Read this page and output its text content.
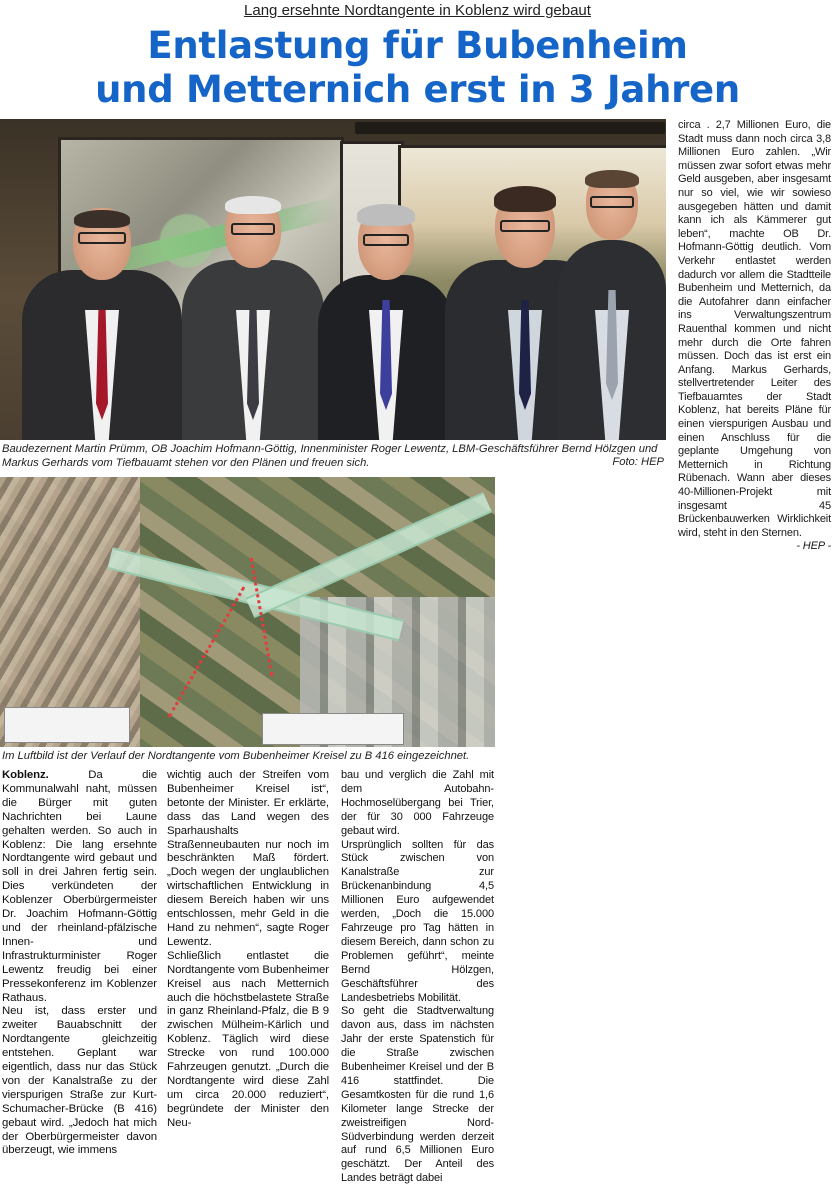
Lang ersehnte Nordtangente in Koblenz wird gebaut
Entlastung für Bubenheim
und Metternich erst in 3 Jahren
Baudezernent Martin Prümm, OB Joachim Hofmann-Göttig, Innenminister Roger Lewentz, LBM-Geschäftsführer Bernd Hölzgen und Markus Gerhards vom Tiefbauamt stehen vor den Plänen und freuen sich.	Foto: HEP

circa . 2,7 Millionen Euro, die Stadt muss dann noch circa 3,8 Millionen Euro zahlen. „Wir müssen zwar sofort etwas mehr Geld ausgeben, aber insgesamt nur so viel, wie wir sowieso ausgegeben hätten und damit kann ich als Kämmerer gut leben“, machte OB Dr. Hofmann-Göttig deutlich. Vom Verkehr entlastet werden dadurch vor allem die Stadtteile Bubenheim und Metternich, da die Autofahrer dann einfacher ins Verwaltungszentrum Rauenthal kommen und nicht mehr durch die Orte fahren müssen. Doch das ist erst ein Anfang. Markus Gerhards, stellvertretender Leiter des Tiefbauamtes der Stadt Koblenz, hat bereits Pläne für einen vierspurigen Ausbau und einen Anschluss für die geplante Umgehung von Metternich in Richtung Rübenach. Wann aber dieses 40-Millionen-Projekt mit insgesamt 45 Brückenbauwerken Wirklichkeit wird, steht in den Sternen.

- HEP -
Im Luftbild ist der Verlauf der Nordtangente vom Bubenheimer Kreisel zu B 416 eingezeichnet.

Koblenz. Da die Kommunalwahl naht, müssen die Bürger mit guten Nachrichten bei Laune gehalten werden. So auch in Koblenz: Die lang ersehnte Nordtangente wird gebaut und soll in drei Jahren fertig sein. Dies verkündeten der Koblenzer Oberbürgermeister Dr. Joachim Hofmann-Göttig und der rheinland-pfälzische Innen- und Infrastrukturminister Roger Lewentz freudig bei einer Pressekonferenz im Koblenzer Rathaus.

Neu ist, dass erster und zweiter Bauabschnitt der Nordtangente gleichzeitig entstehen. Geplant war eigentlich, dass nur das Stück von der Kanalstraße zu der vierspurigen Straße zur Kurt-Schumacher-Brücke (B 416) gebaut wird. „Jedoch hat mich der Oberbürgermeister davon überzeugt, wie immens

wichtig auch der Streifen vom Bubenheimer Kreisel ist“, betonte der Minister. Er erklärte, dass das Land wegen des Sparhaushalts Straßenneubauten nur noch im beschränkten Maß fördert. „Doch wegen der unglaublichen wirtschaftlichen Entwicklung in diesem Bereich haben wir uns entschlossen, mehr Geld in die Hand zu nehmen“, sagte Roger Lewentz.

Schließlich entlastet die Nordtangente vom Bubenheimer Kreisel aus nach Metternich auch die höchstbelastete Straße in ganz Rheinland-Pfalz, die B 9 zwischen Mülheim-Kärlich und Koblenz. Täglich wird diese Strecke von rund 100.000 Fahrzeugen genutzt. „Durch die Nordtangente wird diese Zahl um circa 20.000 reduziert“, begründete der Minister den Neu-

bau und verglich die Zahl mit dem Autobahn-Hochmoselübergang bei Trier, der für 30 000 Fahrzeuge gebaut wird.

Ursprünglich sollten für das Stück zwischen von Kanalstraße zur Brückenanbindung 4,5 Millionen Euro aufgewendet werden, „Doch die 15.000 Fahrzeuge pro Tag hätten in diesem Bereich, dann schon zu Problemen geführt“, meinte Bernd Hölzgen, Geschäftsführer des Landesbetriebs Mobilität.

So geht die Stadtverwaltung davon aus, dass im nächsten Jahr der erste Spatenstich für die Straße zwischen Bubenheimer Kreisel und der B 416 stattfindet. Die Gesamtkosten für die rund 1,6 Kilometer lange Strecke der zweistreifigen Nord-Südverbindung werden derzeit auf rund 6,5 Millionen Euro geschätzt. Der Anteil des Landes beträgt dabei
